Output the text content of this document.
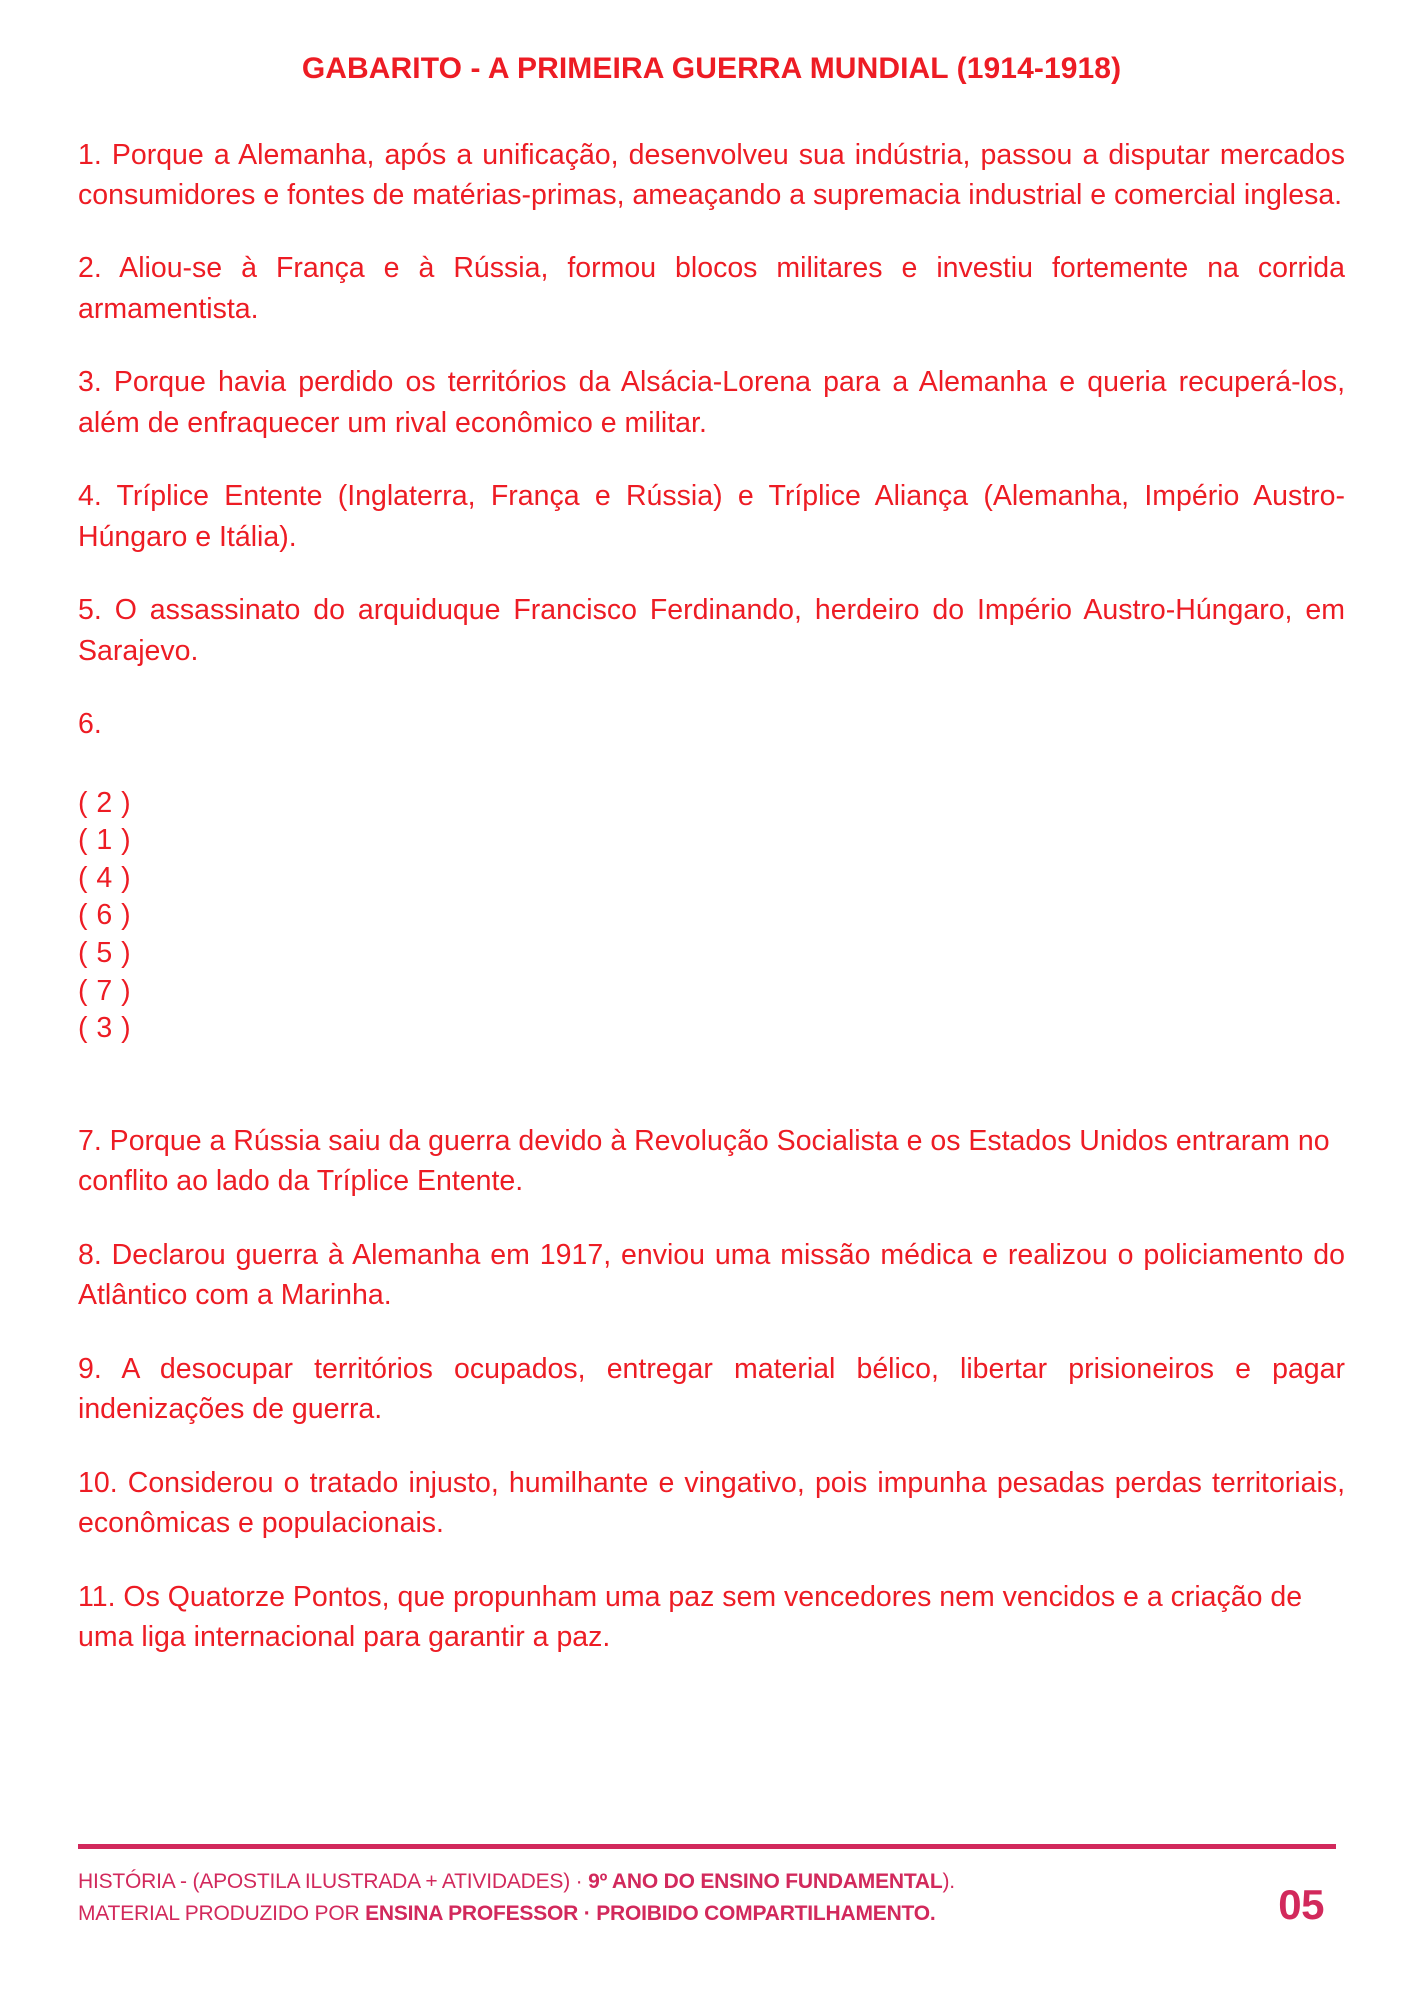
GABARITO - A PRIMEIRA GUERRA MUNDIAL (1914-1918)

1. Porque a Alemanha, após a unificação, desenvolveu sua indústria, passou a disputar mercados consumidores e fontes de matérias-primas, ameaçando a supremacia industrial e comercial inglesa.

2. Aliou-se à França e à Rússia, formou blocos militares e investiu fortemente na corrida armamentista.

3. Porque havia perdido os territórios da Alsácia-Lorena para a Alemanha e queria recuperá-los, além de enfraquecer um rival econômico e militar.

4. Tríplice Entente (Inglaterra, França e Rússia) e Tríplice Aliança (Alemanha, Império Austro-Húngaro e Itália).

5. O assassinato do arquiduque Francisco Ferdinando, herdeiro do Império Austro-Húngaro, em Sarajevo.

6.

( 2 )
( 1 )
( 4 )
( 6 )
( 5 )
( 7 )
( 3 )

7. Porque a Rússia saiu da guerra devido à Revolução Socialista e os Estados Unidos entraram no conflito ao lado da Tríplice Entente.

8. Declarou guerra à Alemanha em 1917, enviou uma missão médica e realizou o policiamento do Atlântico com a Marinha.

9. A desocupar territórios ocupados, entregar material bélico, libertar prisioneiros e pagar indenizações de guerra.

10. Considerou o tratado injusto, humilhante e vingativo, pois impunha pesadas perdas territoriais, econômicas e populacionais.

11. Os Quatorze Pontos, que propunham uma paz sem vencedores nem vencidos e a criação de uma liga internacional para garantir a paz.

HISTÓRIA - (APOSTILA ILUSTRADA + ATIVIDADES) · 9º ANO DO ENSINO FUNDAMENTAL).
MATERIAL PRODUZIDO POR ENSINA PROFESSOR · PROIBIDO COMPARTILHAMENTO.	05
